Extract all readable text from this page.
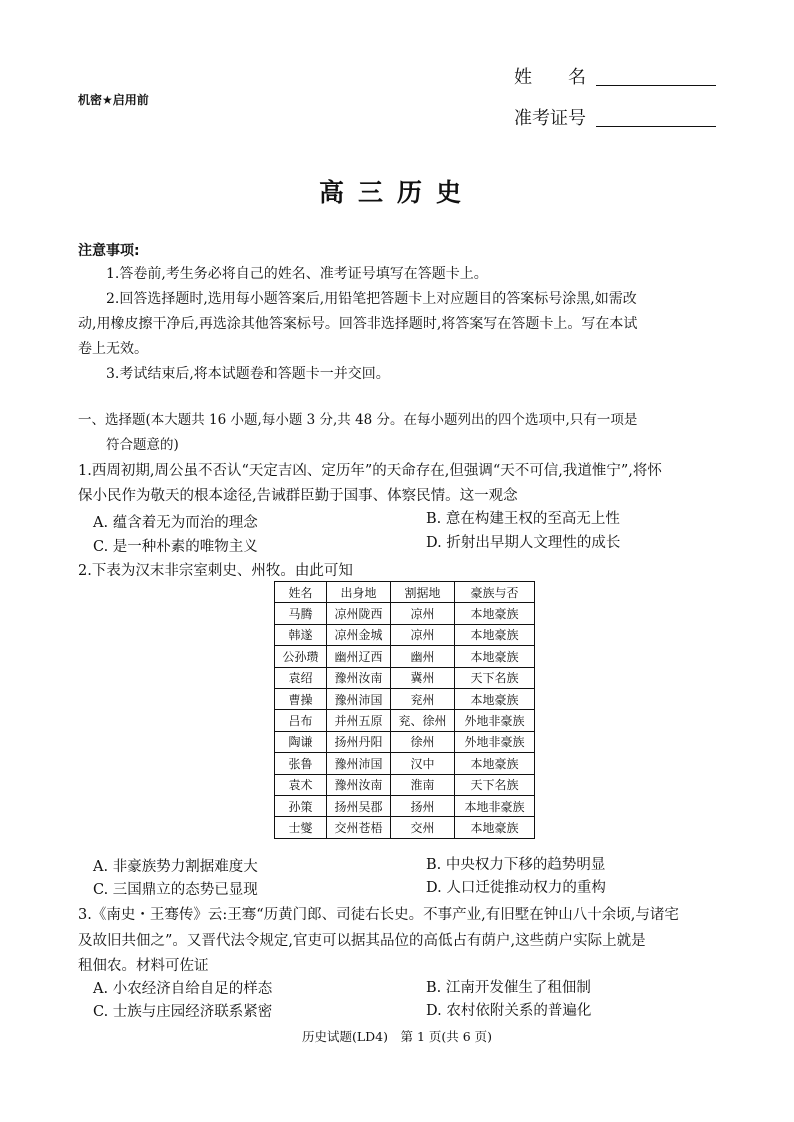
机密★启用前
姓　　名
准考证号
高三历史
注意事项:
1.答卷前,考生务必将自己的姓名、准考证号填写在答题卡上。
2.回答选择题时,选用每小题答案后,用铅笔把答题卡上对应题目的答案标号涂黑,如需改
动,用橡皮擦干净后,再选涂其他答案标号。回答非选择题时,将答案写在答题卡上。写在本试
卷上无效。
3.考试结束后,将本试题卷和答题卡一并交回。
一、选择题(本大题共 16 小题,每小题 3 分,共 48 分。在每小题列出的四个选项中,只有一项是
符合题意的)
1.西周初期,周公虽不否认“天定吉凶、定历年”的天命存在,但强调“天不可信,我道惟宁”,将怀
保小民作为敬天的根本途径,告诫群臣勤于国事、体察民情。这一观念
A. 蕴含着无为而治的理念	B. 意在构建王权的至高无上性
C. 是一种朴素的唯物主义	D. 折射出早期人文理性的成长
2.下表为汉末非宗室刺史、州牧。由此可知
姓名	出身地	割据地	豪族与否
马腾	凉州陇西	凉州	本地豪族
韩遂	凉州金城	凉州	本地豪族
公孙瓒	幽州辽西	幽州	本地豪族
袁绍	豫州汝南	冀州	天下名族
曹操	豫州沛国	兖州	本地豪族
吕布	并州五原	兖、徐州	外地非豪族
陶谦	扬州丹阳	徐州	外地非豪族
张鲁	豫州沛国	汉中	本地豪族
袁术	豫州汝南	淮南	天下名族
孙策	扬州吴郡	扬州	本地非豪族
士燮	交州苍梧	交州	本地豪族
A. 非豪族势力割据难度大	B. 中央权力下移的趋势明显
C. 三国鼎立的态势已显现	D. 人口迁徙推动权力的重构
3.《南史・王骞传》云:王骞“历黄门郎、司徒右长史。不事产业,有旧墅在钟山八十余顷,与诸宅
及故旧共佃之”。又晋代法令规定,官吏可以据其品位的高低占有荫户,这些荫户实际上就是
租佃农。材料可佐证
A. 小农经济自给自足的样态	B. 江南开发催生了租佃制
C. 士族与庄园经济联系紧密	D. 农村依附关系的普遍化
历史试题(LD4)　第 1 页(共 6 页)
